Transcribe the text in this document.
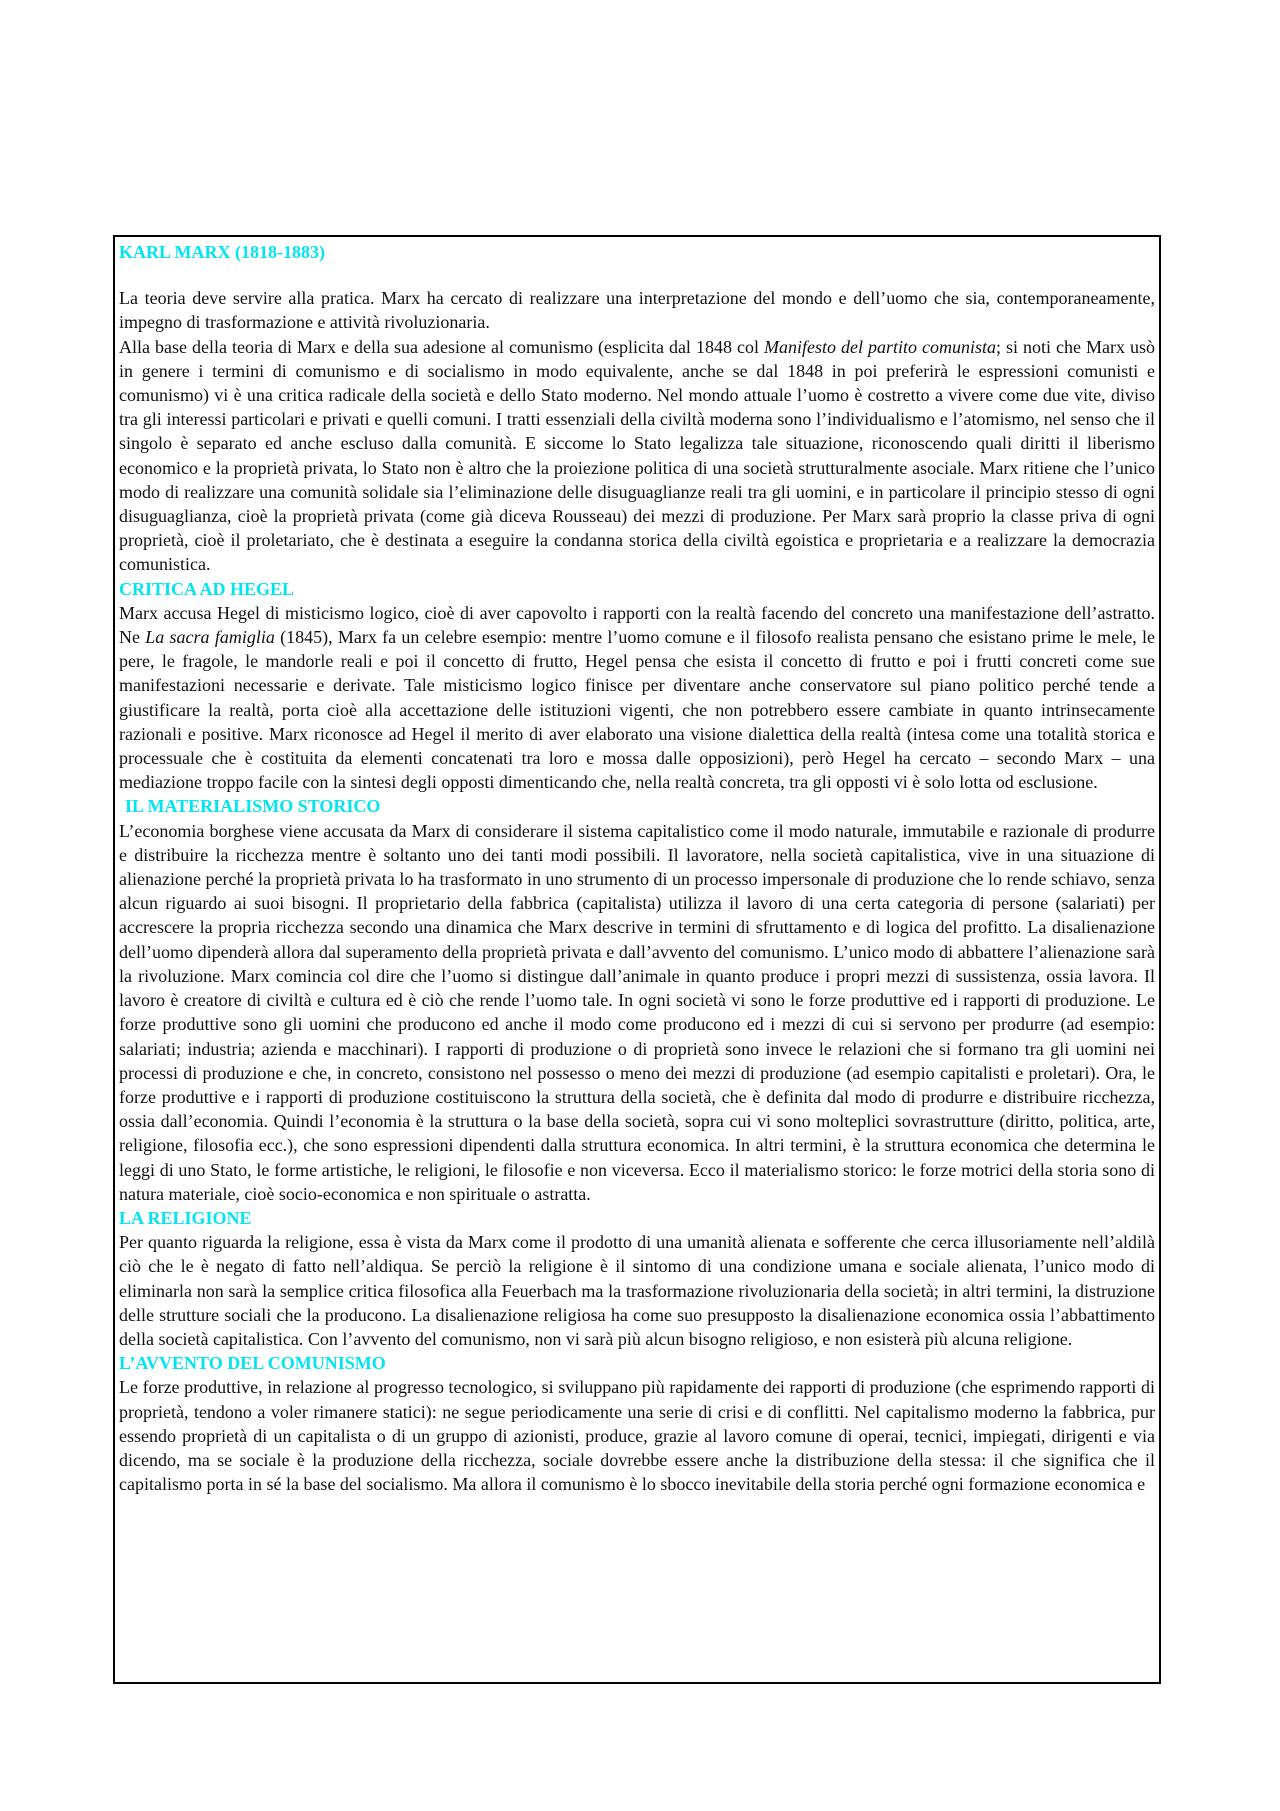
KARL MARX (1818-1883)

La teoria deve servire alla pratica. Marx ha cercato di realizzare una interpretazione del mondo e dell’uomo che sia, contemporaneamente, impegno di trasformazione e attività rivoluzionaria.

Alla base della teoria di Marx e della sua adesione al comunismo (esplicita dal 1848 col Manifesto del partito comunista; si noti che Marx usò in genere i termini di comunismo e di socialismo in modo equivalente, anche se dal 1848 in poi preferirà le espressioni comunisti e comunismo) vi è una critica radicale della società e dello Stato moderno. Nel mondo attuale l’uomo è costretto a vivere come due vite, diviso tra gli interessi particolari e privati e quelli comuni. I tratti essenziali della civiltà moderna sono l’individualismo e l’atomismo, nel senso che il singolo è separato ed anche escluso dalla comunità. E siccome lo Stato legalizza tale situazione, riconoscendo quali diritti il liberismo economico e la proprietà privata, lo Stato non è altro che la proiezione politica di una società strutturalmente asociale. Marx ritiene che l’unico modo di realizzare una comunità solidale sia l’eliminazione delle disuguaglianze reali tra gli uomini, e in particolare il principio stesso di ogni disuguaglianza, cioè la proprietà privata (come già diceva Rousseau) dei mezzi di produzione. Per Marx sarà proprio la classe priva di ogni proprietà, cioè il proletariato, che è destinata a eseguire la condanna storica della civiltà egoistica e proprietaria e a realizzare la democrazia comunistica.

CRITICA AD HEGEL

Marx accusa Hegel di misticismo logico, cioè di aver capovolto i rapporti con la realtà facendo del concreto una manifestazione dell’astratto. Ne La sacra famiglia (1845), Marx fa un celebre esempio: mentre l’uomo comune e il filosofo realista pensano che esistano prime le mele, le pere, le fragole, le mandorle reali e poi il concetto di frutto, Hegel pensa che esista il concetto di frutto e poi i frutti concreti come sue manifestazioni necessarie e derivate. Tale misticismo logico finisce per diventare anche conservatore sul piano politico perché tende a giustificare la realtà, porta cioè alla accettazione delle istituzioni vigenti, che non potrebbero essere cambiate in quanto intrinsecamente razionali e positive. Marx riconosce ad Hegel il merito di aver elaborato una visione dialettica della realtà (intesa come una totalità storica e processuale che è costituita da elementi concatenati tra loro e mossa dalle opposizioni), però Hegel ha cercato – secondo Marx – una mediazione troppo facile con la sintesi degli opposti dimenticando che, nella realtà concreta, tra gli opposti vi è solo lotta od esclusione.

IL MATERIALISMO STORICO

L’economia borghese viene accusata da Marx di considerare il sistema capitalistico come il modo naturale, immutabile e razionale di produrre e distribuire la ricchezza mentre è soltanto uno dei tanti modi possibili. Il lavoratore, nella società capitalistica, vive in una situazione di alienazione perché la proprietà privata lo ha trasformato in uno strumento di un processo impersonale di produzione che lo rende schiavo, senza alcun riguardo ai suoi bisogni. Il proprietario della fabbrica (capitalista) utilizza il lavoro di una certa categoria di persone (salariati) per accrescere la propria ricchezza secondo una dinamica che Marx descrive in termini di sfruttamento e di logica del profitto. La disalienazione dell’uomo dipenderà allora dal superamento della proprietà privata e dall’avvento del comunismo. L’unico modo di abbattere l’alienazione sarà la rivoluzione. Marx comincia col dire che l’uomo si distingue dall’animale in quanto produce i propri mezzi di sussistenza, ossia lavora. Il lavoro è creatore di civiltà e cultura ed è ciò che rende l’uomo tale. In ogni società vi sono le forze produttive ed i rapporti di produzione. Le forze produttive sono gli uomini che producono ed anche il modo come producono ed i mezzi di cui si servono per produrre (ad esempio: salariati; industria; azienda e macchinari). I rapporti di produzione o di proprietà sono invece le relazioni che si formano tra gli uomini nei processi di produzione e che, in concreto, consistono nel possesso o meno dei mezzi di produzione (ad esempio capitalisti e proletari). Ora, le forze produttive e i rapporti di produzione costituiscono la struttura della società, che è definita dal modo di produrre e distribuire ricchezza, ossia dall’economia. Quindi l’economia è la struttura o la base della società, sopra cui vi sono molteplici sovrastrutture (diritto, politica, arte, religione, filosofia ecc.), che sono espressioni dipendenti dalla struttura economica. In altri termini, è la struttura economica che determina le leggi di uno Stato, le forme artistiche, le religioni, le filosofie e non viceversa. Ecco il materialismo storico: le forze motrici della storia sono di natura materiale, cioè socio-economica e non spirituale o astratta.

LA RELIGIONE

Per quanto riguarda la religione, essa è vista da Marx come il prodotto di una umanità alienata e sofferente che cerca illusoriamente nell’aldilà ciò che le è negato di fatto nell’aldiqua. Se perciò la religione è il sintomo di una condizione umana e sociale alienata, l’unico modo di eliminarla non sarà la semplice critica filosofica alla Feuerbach ma la trasformazione rivoluzionaria della società; in altri termini, la distruzione delle strutture sociali che la producono. La disalienazione religiosa ha come suo presupposto la disalienazione economica ossia l’abbattimento della società capitalistica. Con l’avvento del comunismo, non vi sarà più alcun bisogno religioso, e non esisterà più alcuna religione.

L’AVVENTO DEL COMUNISMO

Le forze produttive, in relazione al progresso tecnologico, si sviluppano più rapidamente dei rapporti di produzione (che esprimendo rapporti di proprietà, tendono a voler rimanere statici): ne segue periodicamente una serie di crisi e di conflitti. Nel capitalismo moderno la fabbrica, pur essendo proprietà di un capitalista o di un gruppo di azionisti, produce, grazie al lavoro comune di operai, tecnici, impiegati, dirigenti e via dicendo, ma se sociale è la produzione della ricchezza, sociale dovrebbe essere anche la distribuzione della stessa: il che significa che il capitalismo porta in sé la base del socialismo. Ma allora il comunismo è lo sbocco inevitabile della storia perché ogni formazione economica e
